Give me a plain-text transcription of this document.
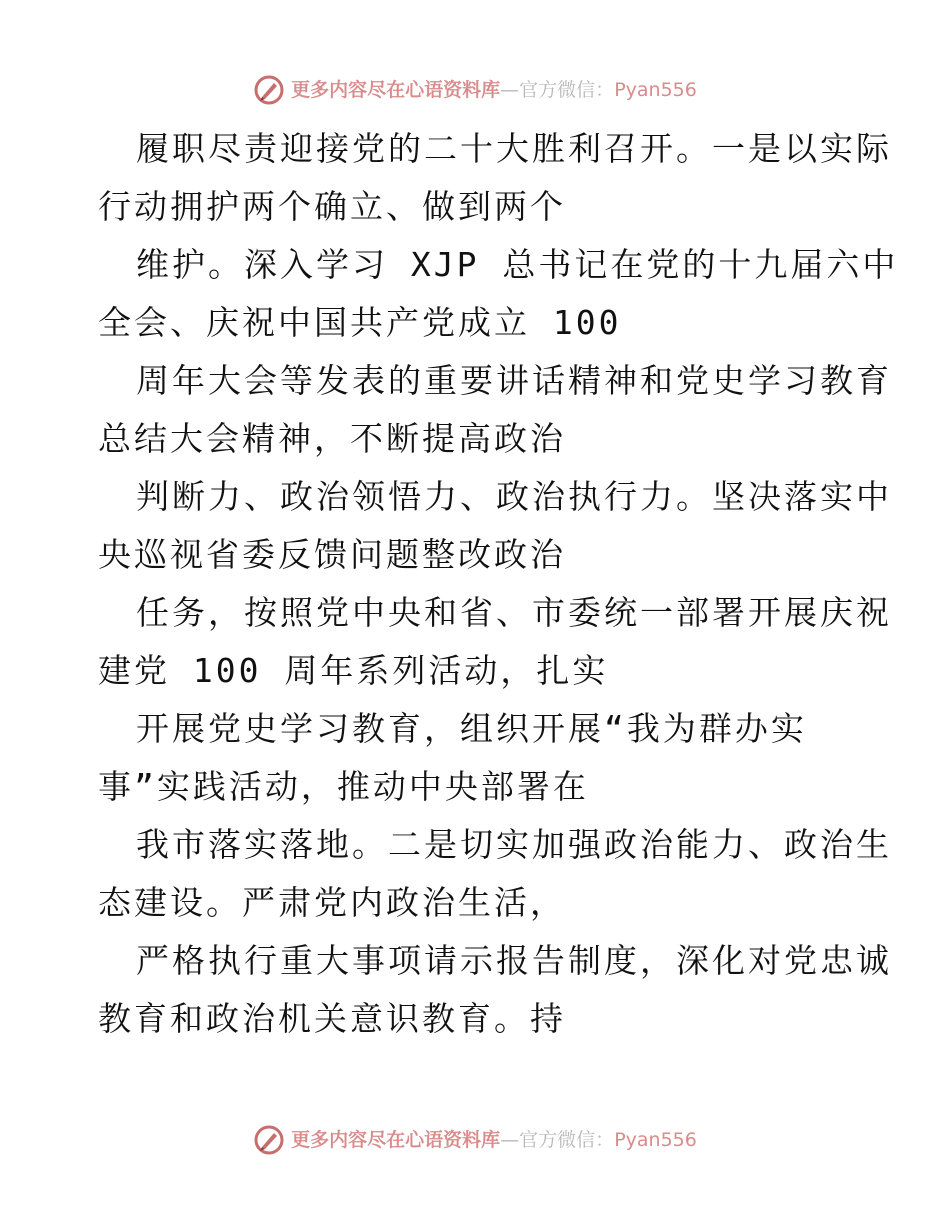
更多内容尽在心语资料库 — 官方微信： Pyan556
履职尽责迎接党的二十大胜利召开。一是以实际
行动拥护两个确立、做到两个
维护。深入学习 XJP 总书记在党的十九届六中
全会、庆祝中国共产党成立 100
周年大会等发表的重要讲话精神和党史学习教育
总结大会精神，不断提高政治
判断力、政治领悟力、政治执行力。坚决落实中
央巡视省委反馈问题整改政治
任务，按照党中央和省、市委统一部署开展庆祝
建党 100 周年系列活动，扎实
开展党史学习教育，组织开展“我为群办实
事”实践活动，推动中央部署在
我市落实落地。二是切实加强政治能力、政治生
态建设。严肃党内政治生活，
严格执行重大事项请示报告制度，深化对党忠诚
教育和政治机关意识教育。持
更多内容尽在心语资料库 — 官方微信： Pyan556
